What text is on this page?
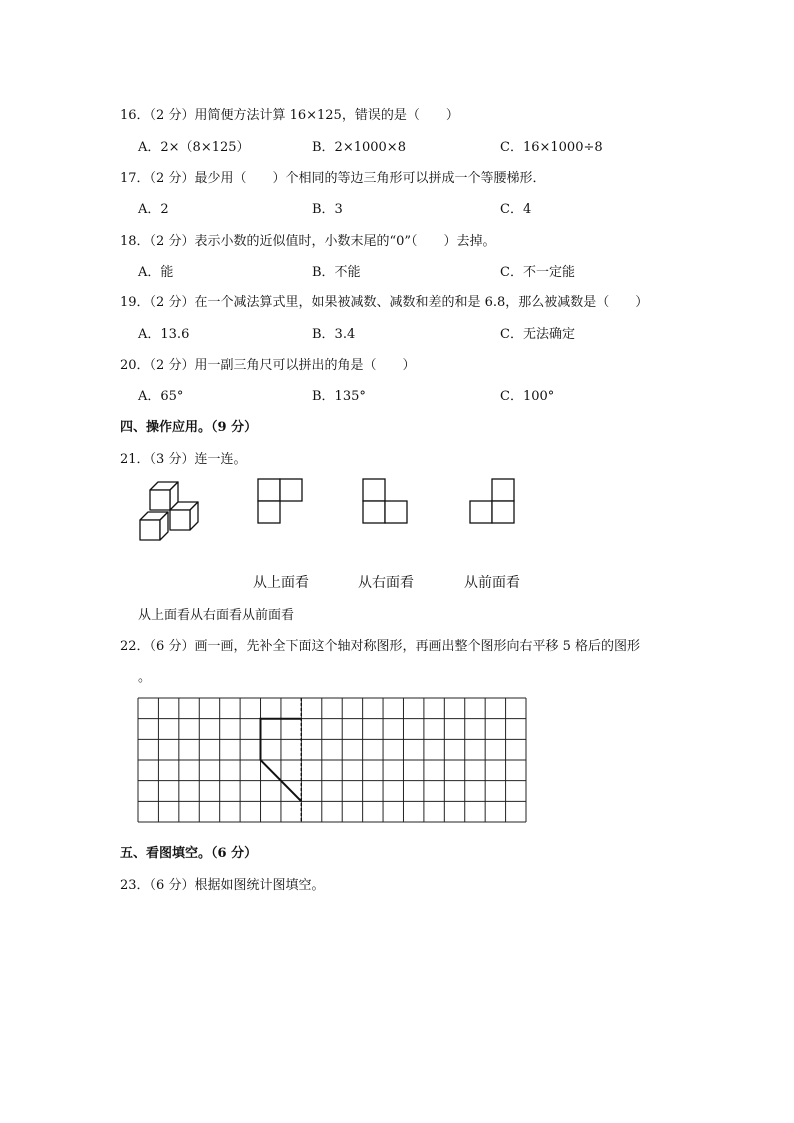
16．（2 分）用简便方法计算 16×125，错误的是（　　）
A．2×（8×125）	B．2×1000×8	C．16×1000÷8
17．（2 分）最少用（　　）个相同的等边三角形可以拼成一个等腰梯形．
A．2	B．3	C．4
18．（2 分）表示小数的近似值时，小数末尾的“0”（　　）去掉。
A．能	B．不能	C．不一定能
19．（2 分）在一个减法算式里，如果被减数、减数和差的和是 6.8，那么被减数是（　　）
A．13.6	B．3.4	C．无法确定
20．（2 分）用一副三角尺可以拼出的角是（　　）
A．65°	B．135°	C．100°
四、操作应用。（9 分）
21．（3 分）连一连。
从上面看	从右面看	从前面看
从上面看从右面看从前面看
22．（6 分）画一画，先补全下面这个轴对称图形，再画出整个图形向右平移 5 格后的图形
。
五、看图填空。（6 分）
23．（6 分）根据如图统计图填空。
